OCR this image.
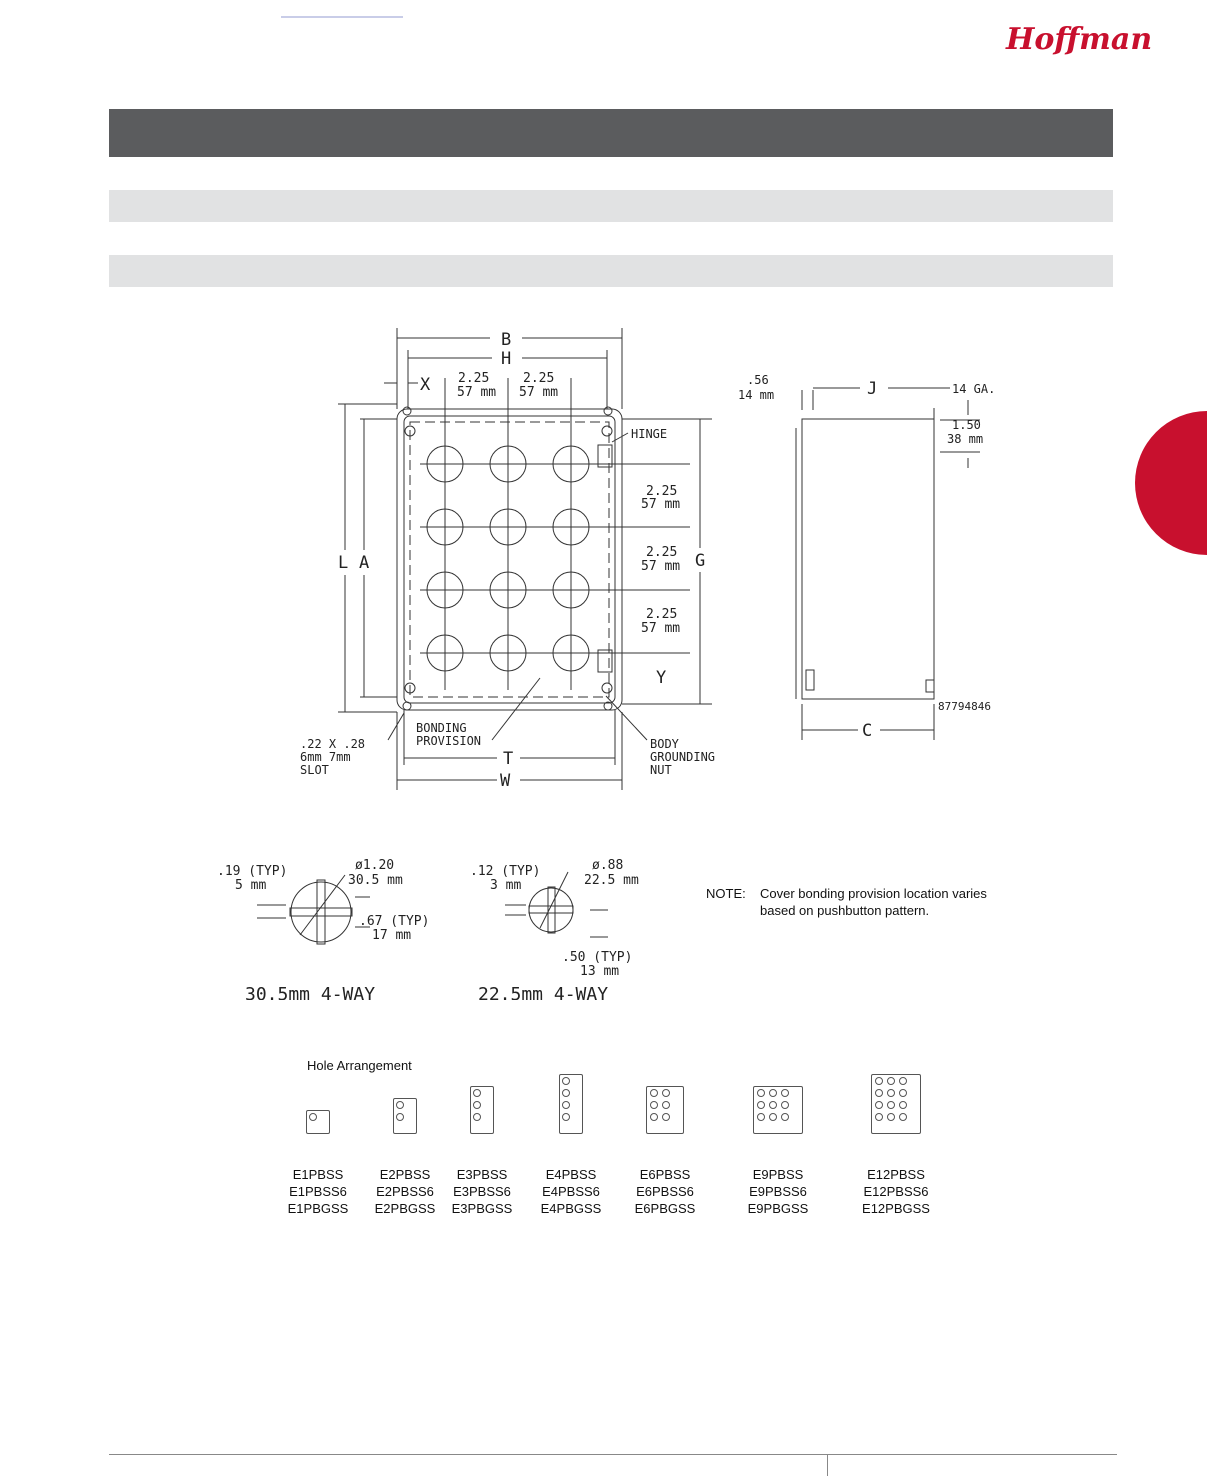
Hoffman
B
H
X 2.25
57 mm
2.25
57 mm
L A	G
Y
T
W
2.25
57 mm
2.25
57 mm
2.25
57 mm
HINGE
BONDING
PROVISION
.22 X .28
6mm 7mm
SLOT
BODY
GROUNDING
NUT
.56
14 mm	J	14 GA.
1.50
38 mm
C
87794846
.19 (TYP)
5 mm
ø1.20
30.5 mm
.67 (TYP)
17 mm
30.5mm 4-WAY
.12 (TYP)
3 mm
ø.88
22.5 mm
.50 (TYP)
13 mm
22.5mm 4-WAY
NOTE: Cover bonding provision location varies
based on pushbutton pattern.
Hole Arrangement
E1PBSS
E1PBSS6
E1PBGSS
E2PBSS
E2PBSS6
E2PBGSS
E3PBSS
E3PBSS6
E3PBGSS
E4PBSS
E4PBSS6
E4PBGSS
E6PBSS
E6PBSS6
E6PBGSS
E9PBSS
E9PBSS6
E9PBGSS
E12PBSS
E12PBSS6
E12PBGSS
